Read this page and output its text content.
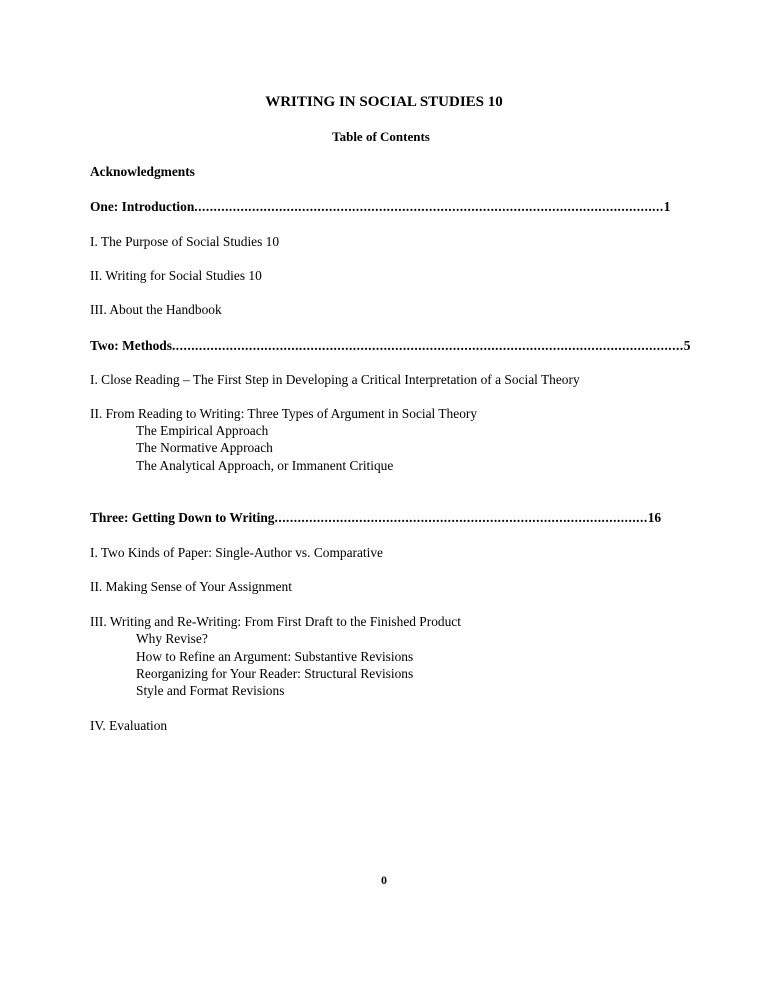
WRITING IN SOCIAL STUDIES 10
Table of Contents
Acknowledgments
One: Introduction .......................................................................................................................... 1
I. The Purpose of Social Studies 10
II. Writing for Social Studies 10
III. About the Handbook
Two: Methods ..................................................................................................................................... 5
I. Close Reading – The First Step in Developing a Critical Interpretation of a Social Theory
II. From Reading to Writing: Three Types of Argument in Social Theory
The Empirical Approach
The Normative Approach
The Analytical Approach, or Immanent Critique
Three: Getting Down to Writing ................................................................................................. 16
I. Two Kinds of Paper: Single-Author vs. Comparative
II. Making Sense of Your Assignment
III. Writing and Re-Writing: From First Draft to the Finished Product
Why Revise?
How to Refine an Argument: Substantive Revisions
Reorganizing for Your Reader: Structural Revisions
Style and Format Revisions
IV. Evaluation
0
